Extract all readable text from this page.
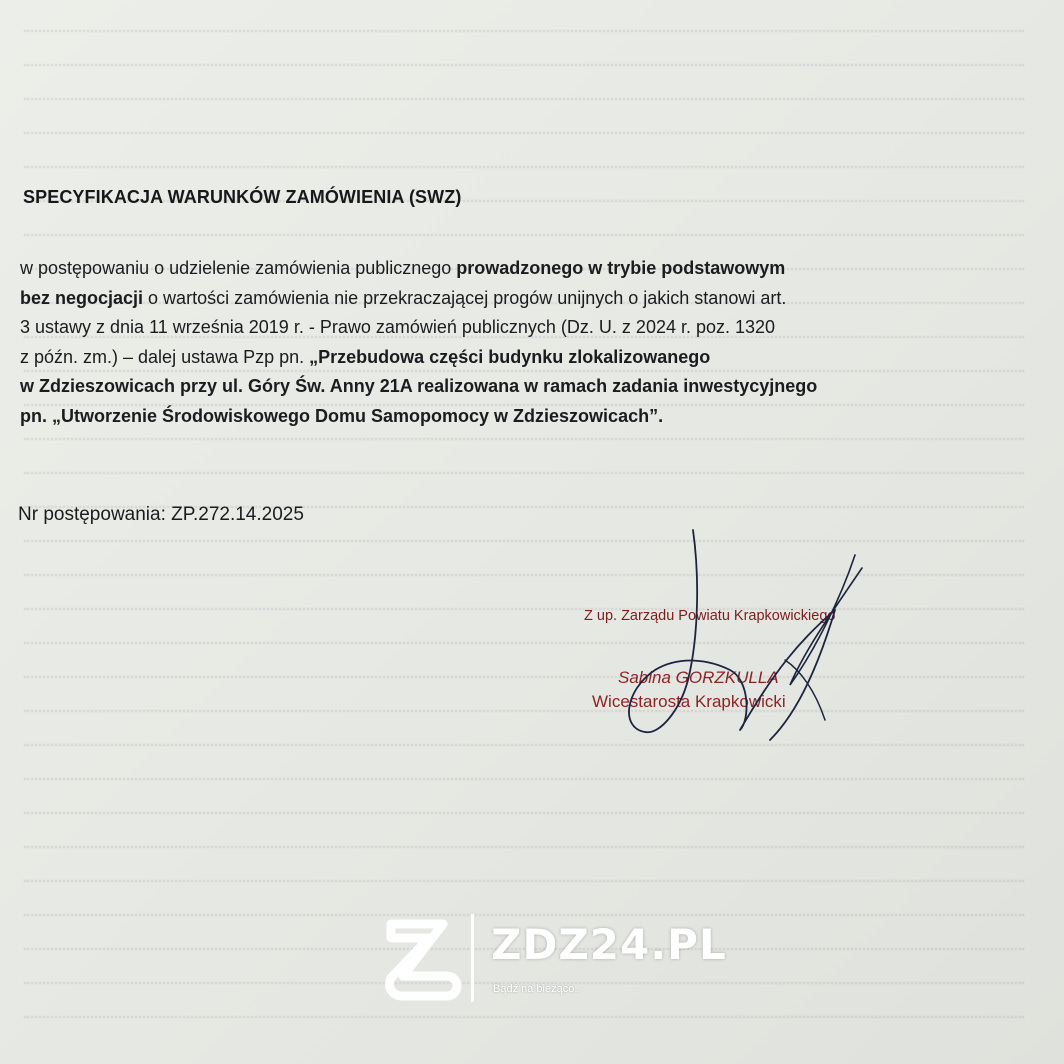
SPECYFIKACJA WARUNKÓW ZAMÓWIENIA (SWZ)

w postępowaniu o udzielenie zamówienia publicznego prowadzonego w trybie podstawowym

bez negocjacji o wartości zamówienia nie przekraczającej progów unijnych o jakich stanowi art.

3 ustawy z dnia 11 września 2019 r. - Prawo zamówień publicznych (Dz. U. z 2024 r. poz. 1320

z późn. zm.) – dalej ustawa Pzp pn. „Przebudowa części budynku zlokalizowanego

w Zdzieszowicach przy ul. Góry Św. Anny 21A realizowana w ramach zadania inwestycyjnego

pn. „Utworzenie Środowiskowego Domu Samopomocy w Zdzieszowicach”.

Nr postępowania: ZP.272.14.2025
Z up. Zarządu Powiatu Krapkowickiego
Sabina GORZKULLA
Wicestarosta Krapkowicki
ZDZ24.PL
Bądź na bieżąco..
